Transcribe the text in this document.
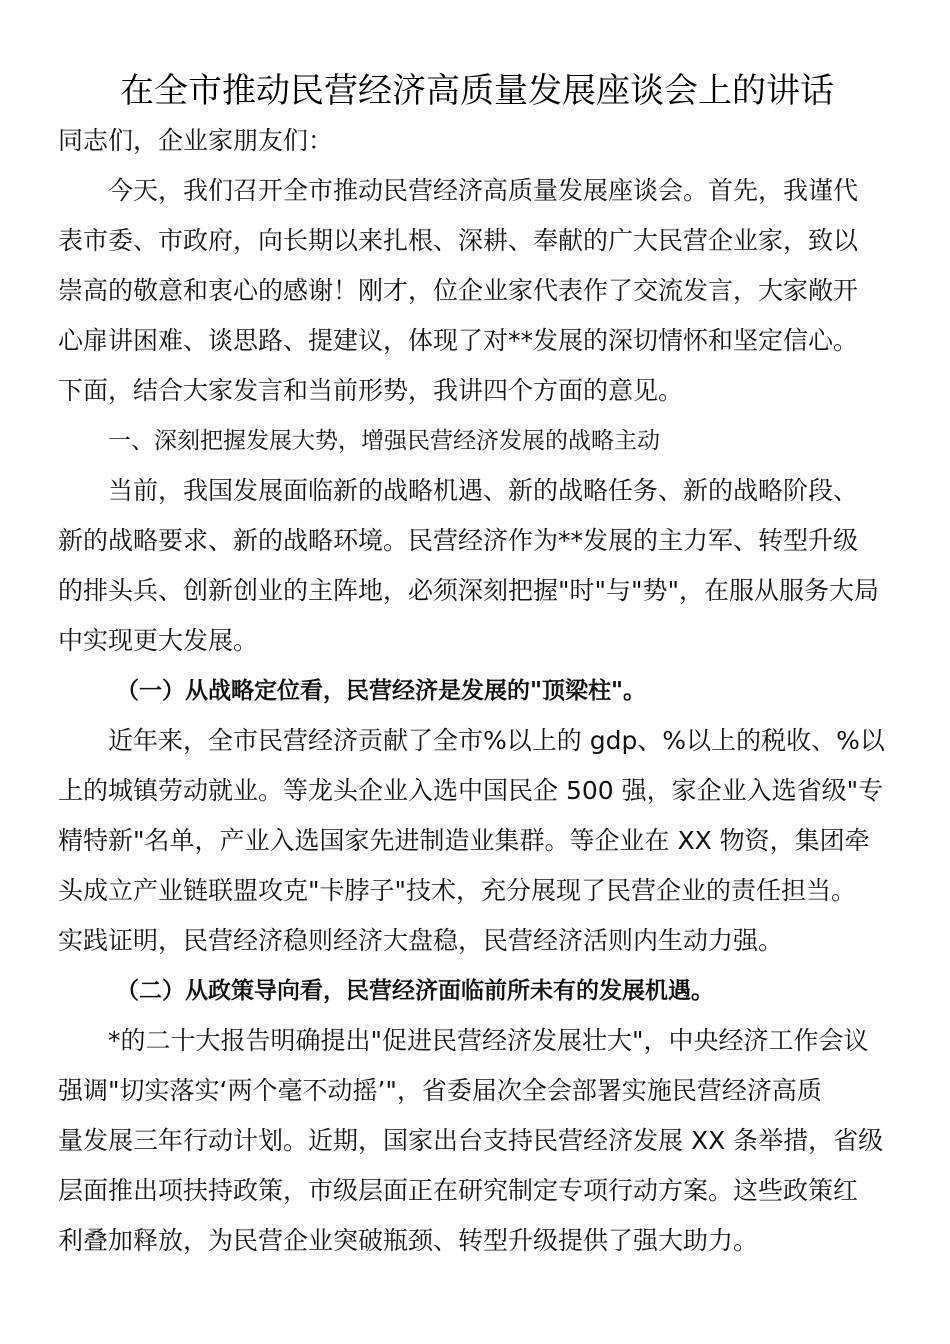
在全市推动民营经济高质量发展座谈会上的讲话

同志们，企业家朋友们：

今天，我们召开全市推动民营经济高质量发展座谈会。首先，我谨代

表市委、市政府，向长期以来扎根、深耕、奉献的广大民营企业家，致以

崇高的敬意和衷心的感谢！刚才，位企业家代表作了交流发言，大家敞开

心扉讲困难、谈思路、提建议，体现了对**发展的深切情怀和坚定信心。

下面，结合大家发言和当前形势，我讲四个方面的意见。

一、深刻把握发展大势，增强民营经济发展的战略主动

当前，我国发展面临新的战略机遇、新的战略任务、新的战略阶段、

新的战略要求、新的战略环境。民营经济作为**发展的主力军、转型升级

的排头兵、创新创业的主阵地，必须深刻把握"时"与"势"，在服从服务大局

中实现更大发展。

（一）从战略定位看，民营经济是发展的"顶梁柱"。

近年来，全市民营经济贡献了全市%以上的 gdp、%以上的税收、%以

上的城镇劳动就业。等龙头企业入选中国民企 500 强，家企业入选省级"专

精特新"名单，产业入选国家先进制造业集群。等企业在 XX 物资，集团牵

头成立产业链联盟攻克"卡脖子"技术，充分展现了民营企业的责任担当。

实践证明，民营经济稳则经济大盘稳，民营经济活则内生动力强。

（二）从政策导向看，民营经济面临前所未有的发展机遇。

*的二十大报告明确提出"促进民营经济发展壮大"，中央经济工作会议

强调"切实落实‘两个毫不动摇’"，省委届次全会部署实施民营经济高质

量发展三年行动计划。近期，国家出台支持民营经济发展 XX 条举措，省级

层面推出项扶持政策，市级层面正在研究制定专项行动方案。这些政策红

利叠加释放，为民营企业突破瓶颈、转型升级提供了强大助力。
